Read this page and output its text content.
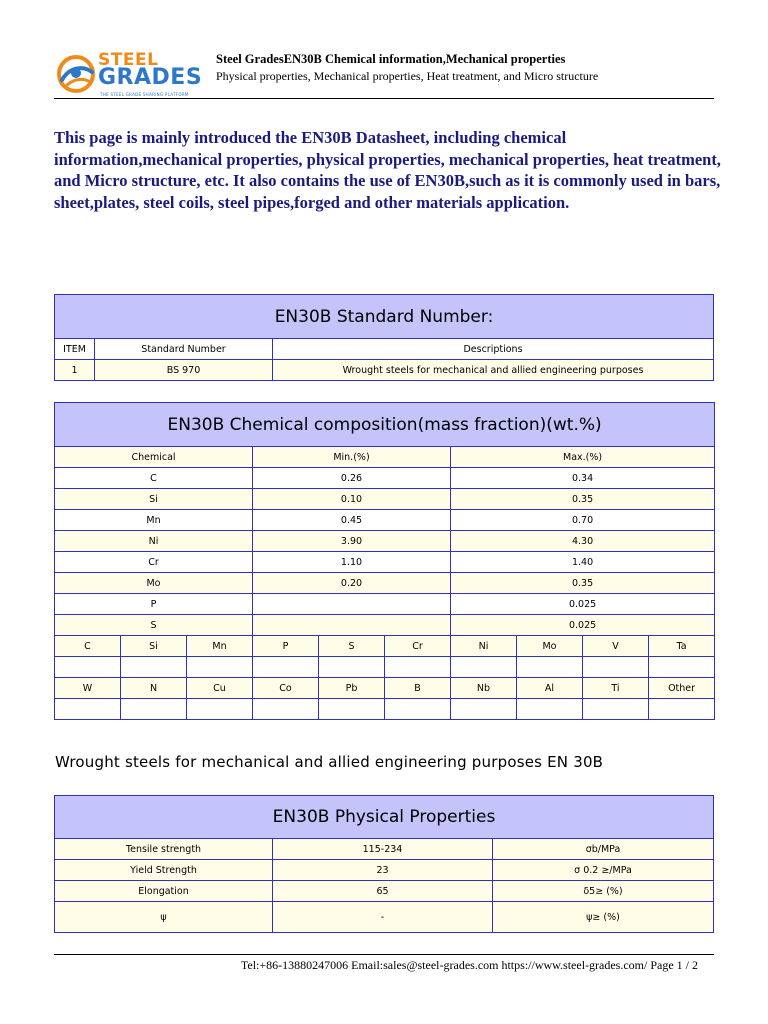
STEEL
GRADES
THE STEEL GRADE SHARING PLATFORM
Steel GradesEN30B Chemical information,Mechanical properties
Physical properties, Mechanical properties, Heat treatment, and Micro structure
This page is mainly introduced the EN30B Datasheet, including chemical information,mechanical properties, physical properties, mechanical properties, heat treatment, and Micro structure, etc. It also contains the use of EN30B,such as it is commonly used in bars, sheet,plates, steel coils, steel pipes,forged and other materials application.
EN30B Standard Number:		
ITEM	Standard Number	Descriptions
1	BS 970	Wrought steels for mechanical and allied engineering purposes
EN30B Chemical composition(mass fraction)(wt.%)									
Chemical			Min.(%)			Max.(%)			
C			0.26			0.34			
Si			0.10			0.35			
Mn			0.45			0.70			
Ni			3.90			4.30			
Cr			1.10			1.40			
Mo			0.20			0.35			
P						0.025			
S						0.025			
C	Si	Mn	P	S	Cr	Ni	Mo	V	Ta

W	N	Cu	Co	Pb	B	Nb	Al	Ti	Other

Wrought steels for mechanical and allied engineering purposes EN 30B
EN30B Physical Properties		
Tensile strength	115-234	σb/MPa
Yield Strength	23	σ 0.2 ≥/MPa
Elongation	65	δ5≥ (%)
ψ	-	ψ≥ (%)
Tel:+86-13880247006 Email:sales@steel-grades.com https://www.steel-grades.com/ Page 1 / 2
